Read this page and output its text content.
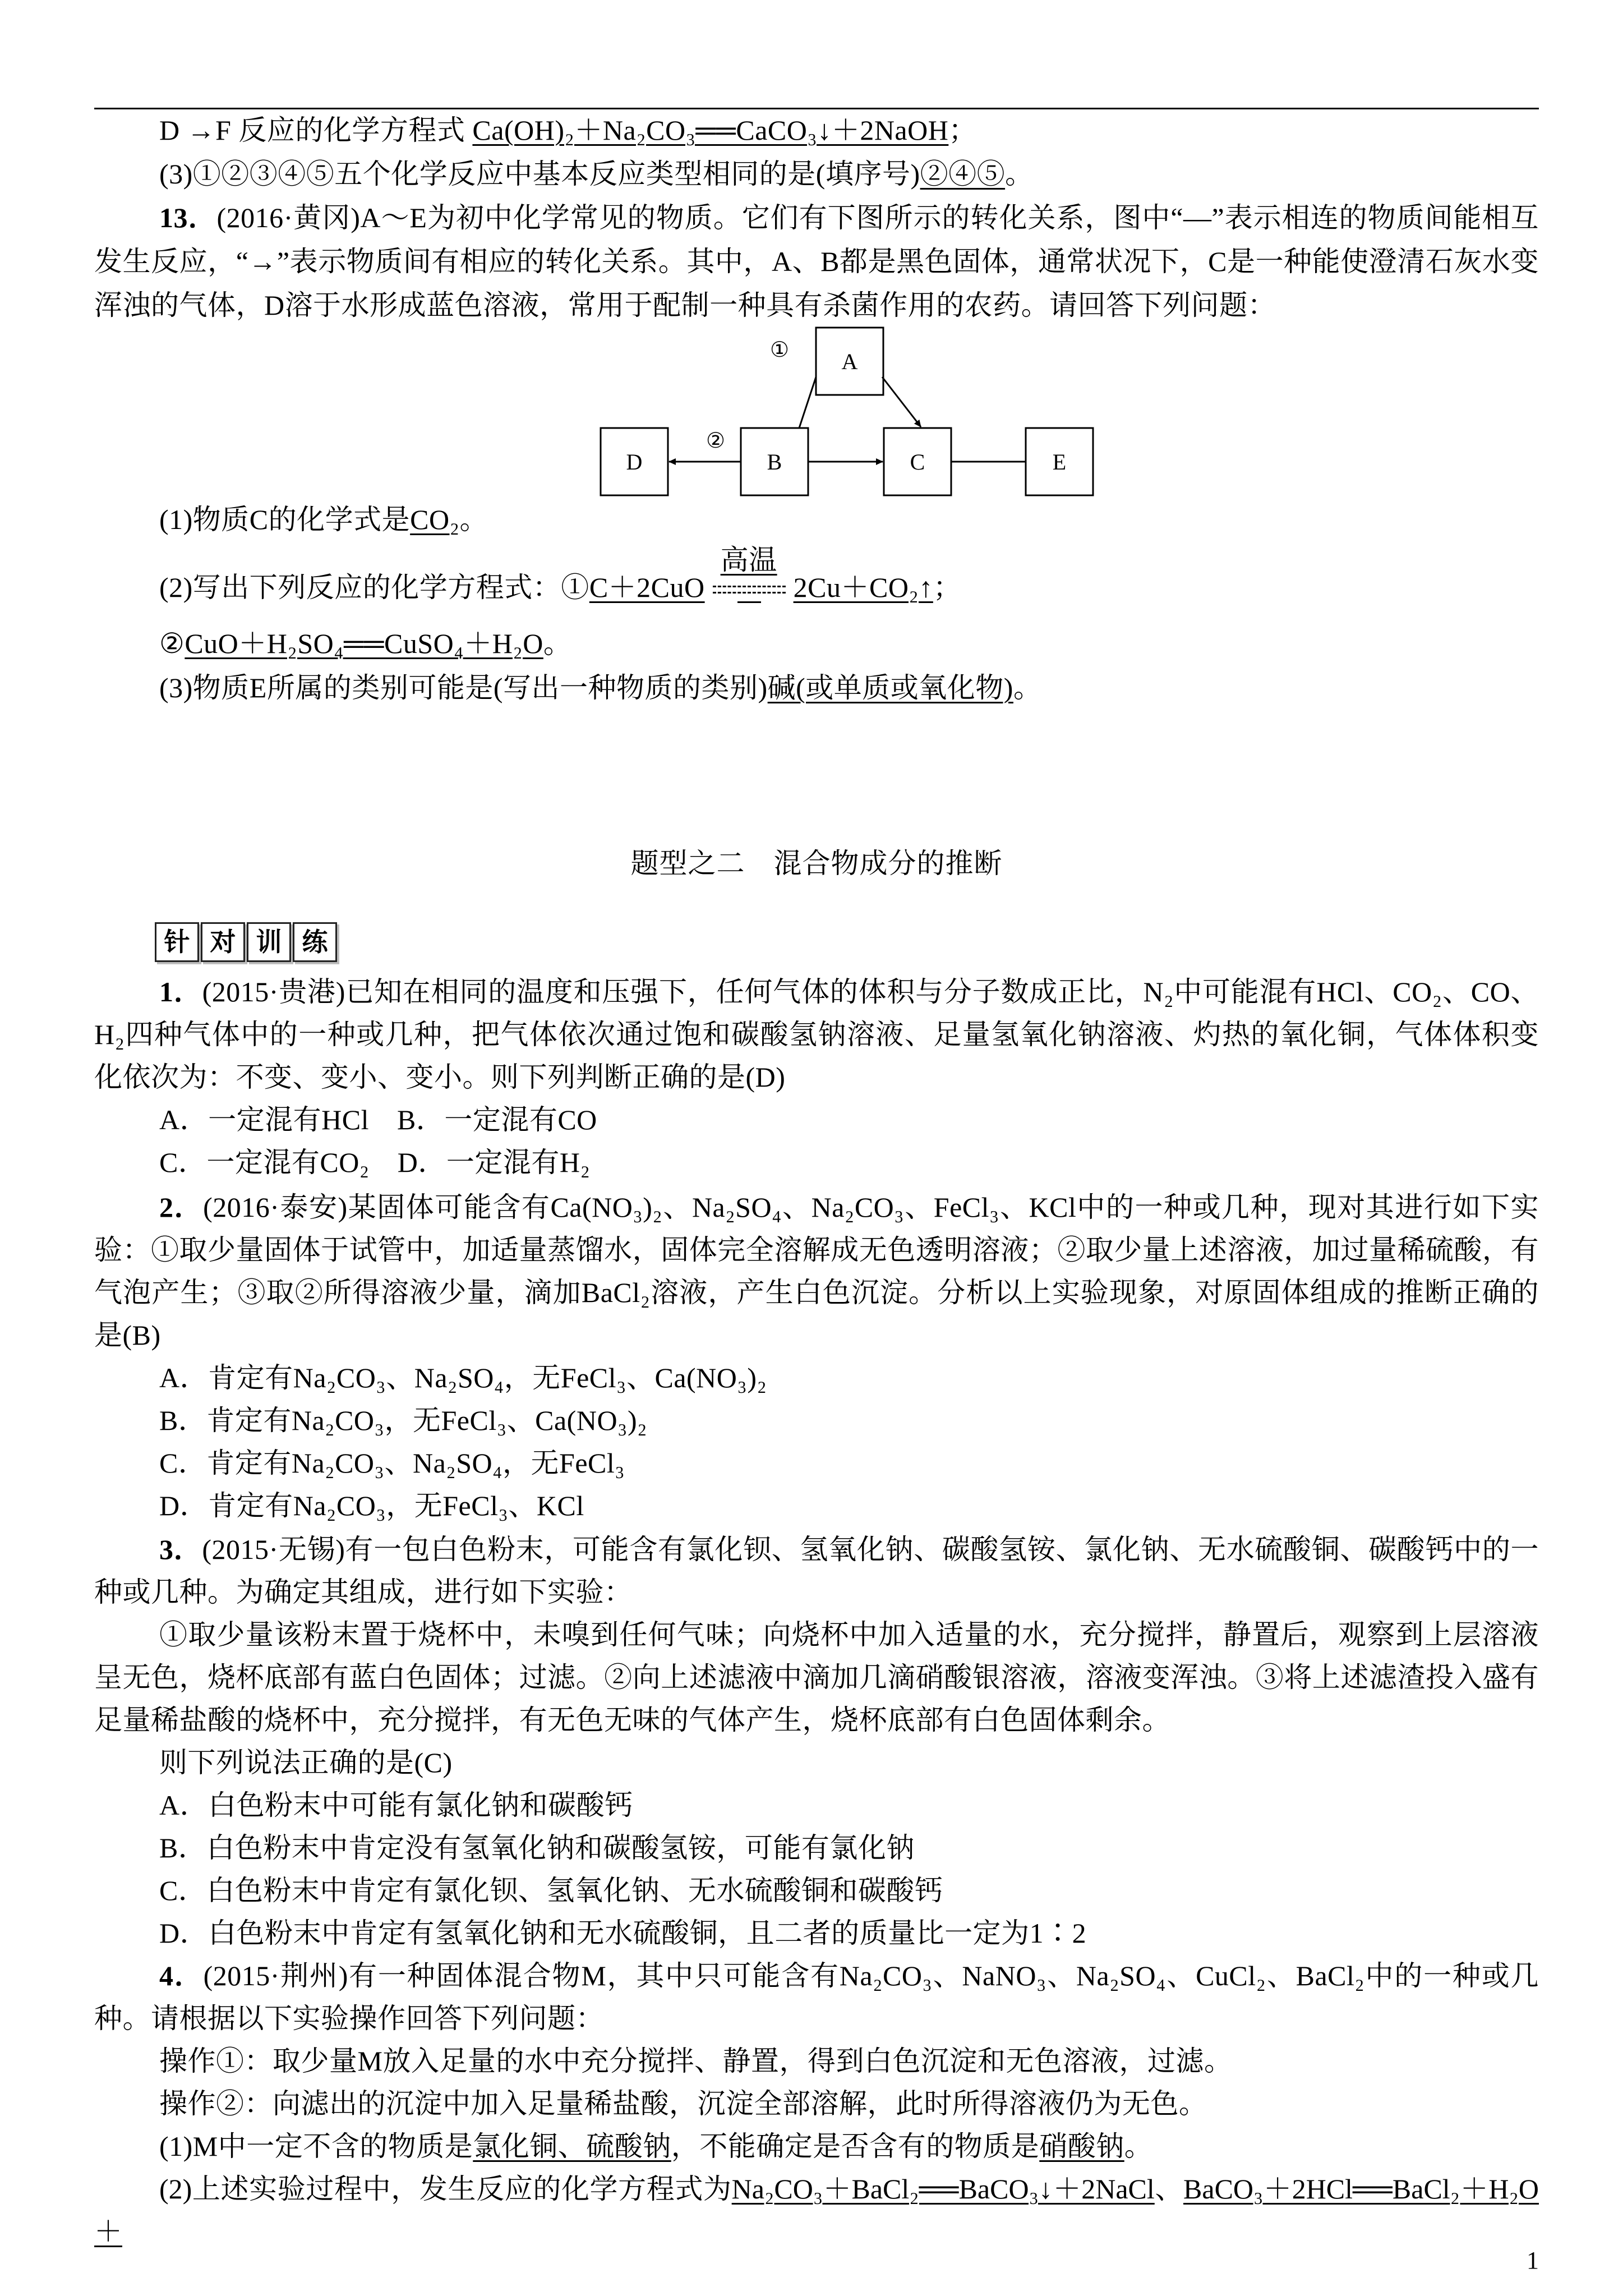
D →F 反应的化学方程式 Ca(OH)₂＋Na₂CO₃══CaCO₃↓＋2NaOH；

(3)①②③④⑤五个化学反应中基本反应类型相同的是(填序号)②④⑤。

13．(2016·黄冈)A～E为初中化学常见的物质。它们有下图所示的转化关系，图中“—”表示相连的物质间能相互发生反应，“→”表示物质间有相应的转化关系。其中，A、B都是黑色固体，通常状况下，C是一种能使澄清石灰水变浑浊的气体，D溶于水形成蓝色溶液，常用于配制一种具有杀菌作用的农药。请回答下列问题：

A
D	B	C	E
①
②

(1)物质C的化学式是CO₂。

(2)写出下列反应的化学方程式：①C＋2CuO
高温
2Cu＋CO₂↑；

②CuO＋H₂SO₄══CuSO₄＋H₂O。

(3)物质E所属的类别可能是(写出一种物质的类别)碱(或单质或氧化物)。

题型之二　混合物成分的推断
针 对 训 练

1．(2015·贵港)已知在相同的温度和压强下，任何气体的体积与分子数成正比，N₂中可能混有HCl、CO₂、CO、H₂四种气体中的一种或几种，把气体依次通过饱和碳酸氢钠溶液、足量氢氧化钠溶液、灼热的氧化铜，气体体积变化依次为：不变、变小、变小。则下列判断正确的是(D)

A．一定混有HCl B．一定混有CO

C．一定混有CO₂ D．一定混有H₂

2．(2016·泰安)某固体可能含有Ca(NO₃)₂、Na₂SO₄、Na₂CO₃、FeCl₃、KCl中的一种或几种，现对其进行如下实验：①取少量固体于试管中，加适量蒸馏水，固体完全溶解成无色透明溶液；②取少量上述溶液，加过量稀硫酸，有气泡产生；③取②所得溶液少量，滴加BaCl₂溶液，产生白色沉淀。分析以上实验现象，对原固体组成的推断正确的是(B)

A．肯定有Na₂CO₃、Na₂SO₄，无FeCl₃、Ca(NO₃)₂

B．肯定有Na₂CO₃，无FeCl₃、Ca(NO₃)₂

C．肯定有Na₂CO₃、Na₂SO₄，无FeCl₃

D．肯定有Na₂CO₃，无FeCl₃、KCl

3．(2015·无锡)有一包白色粉末，可能含有氯化钡、氢氧化钠、碳酸氢铵、氯化钠、无水硫酸铜、碳酸钙中的一种或几种。为确定其组成，进行如下实验：

①取少量该粉末置于烧杯中，未嗅到任何气味；向烧杯中加入适量的水，充分搅拌，静置后，观察到上层溶液呈无色，烧杯底部有蓝白色固体；过滤。②向上述滤液中滴加几滴硝酸银溶液，溶液变浑浊。③将上述滤渣投入盛有足量稀盐酸的烧杯中，充分搅拌，有无色无味的气体产生，烧杯底部有白色固体剩余。

则下列说法正确的是(C)

A．白色粉末中可能有氯化钠和碳酸钙

B．白色粉末中肯定没有氢氧化钠和碳酸氢铵，可能有氯化钠

C．白色粉末中肯定有氯化钡、氢氧化钠、无水硫酸铜和碳酸钙

D．白色粉末中肯定有氢氧化钠和无水硫酸铜，且二者的质量比一定为1∶2

4．(2015·荆州)有一种固体混合物M，其中只可能含有Na₂CO₃、NaNO₃、Na₂SO₄、CuCl₂、BaCl₂中的一种或几种。请根据以下实验操作回答下列问题：

操作①：取少量M放入足量的水中充分搅拌、静置，得到白色沉淀和无色溶液，过滤。

操作②：向滤出的沉淀中加入足量稀盐酸，沉淀全部溶解，此时所得溶液仍为无色。

(1)M中一定不含的物质是氯化铜、硫酸钠，不能确定是否含有的物质是硝酸钠。

(2)上述实验过程中，发生反应的化学方程式为Na₂CO₃＋BaCl₂══BaCO₃↓＋2NaCl、BaCO₃＋2HCl══BaCl₂＋H₂O＋

1
